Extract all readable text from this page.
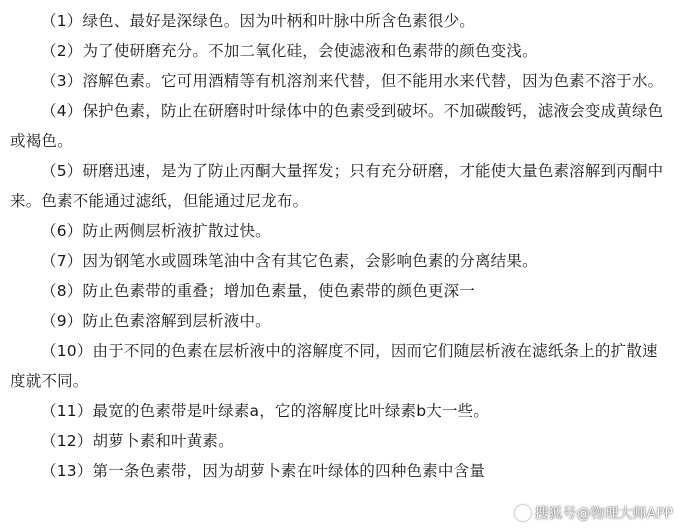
（1）绿色、最好是深绿色。因为叶柄和叶脉中所含色素很少。

（2）为了使研磨充分。不加二氧化硅，会使滤液和色素带的颜色变浅。

（3）溶解色素。它可用酒精等有机溶剂来代替，但不能用水来代替，因为色素不溶于水。

（4）保护色素，防止在研磨时叶绿体中的色素受到破坏。不加碳酸钙，滤液会变成黄绿色或褐色。

（5）研磨迅速，是为了防止丙酮大量挥发；只有充分研磨，才能使大量色素溶解到丙酮中来。色素不能通过滤纸，但能通过尼龙布。

（6）防止两侧层析液扩散过快。

（7）因为钢笔水或圆珠笔油中含有其它色素，会影响色素的分离结果。

（8）防止色素带的重叠；增加色素量，使色素带的颜色更深一

（9）防止色素溶解到层析液中。

（10）由于不同的色素在层析液中的溶解度不同，因而它们随层析液在滤纸条上的扩散速度就不同。

（11）最宽的色素带是叶绿素a，它的溶解度比叶绿素b大一些。

（12）胡萝卜素和叶黄素。

（13）第一条色素带，因为胡萝卜素在叶绿体的四种色素中含量

搜狐号@物理大师APP
